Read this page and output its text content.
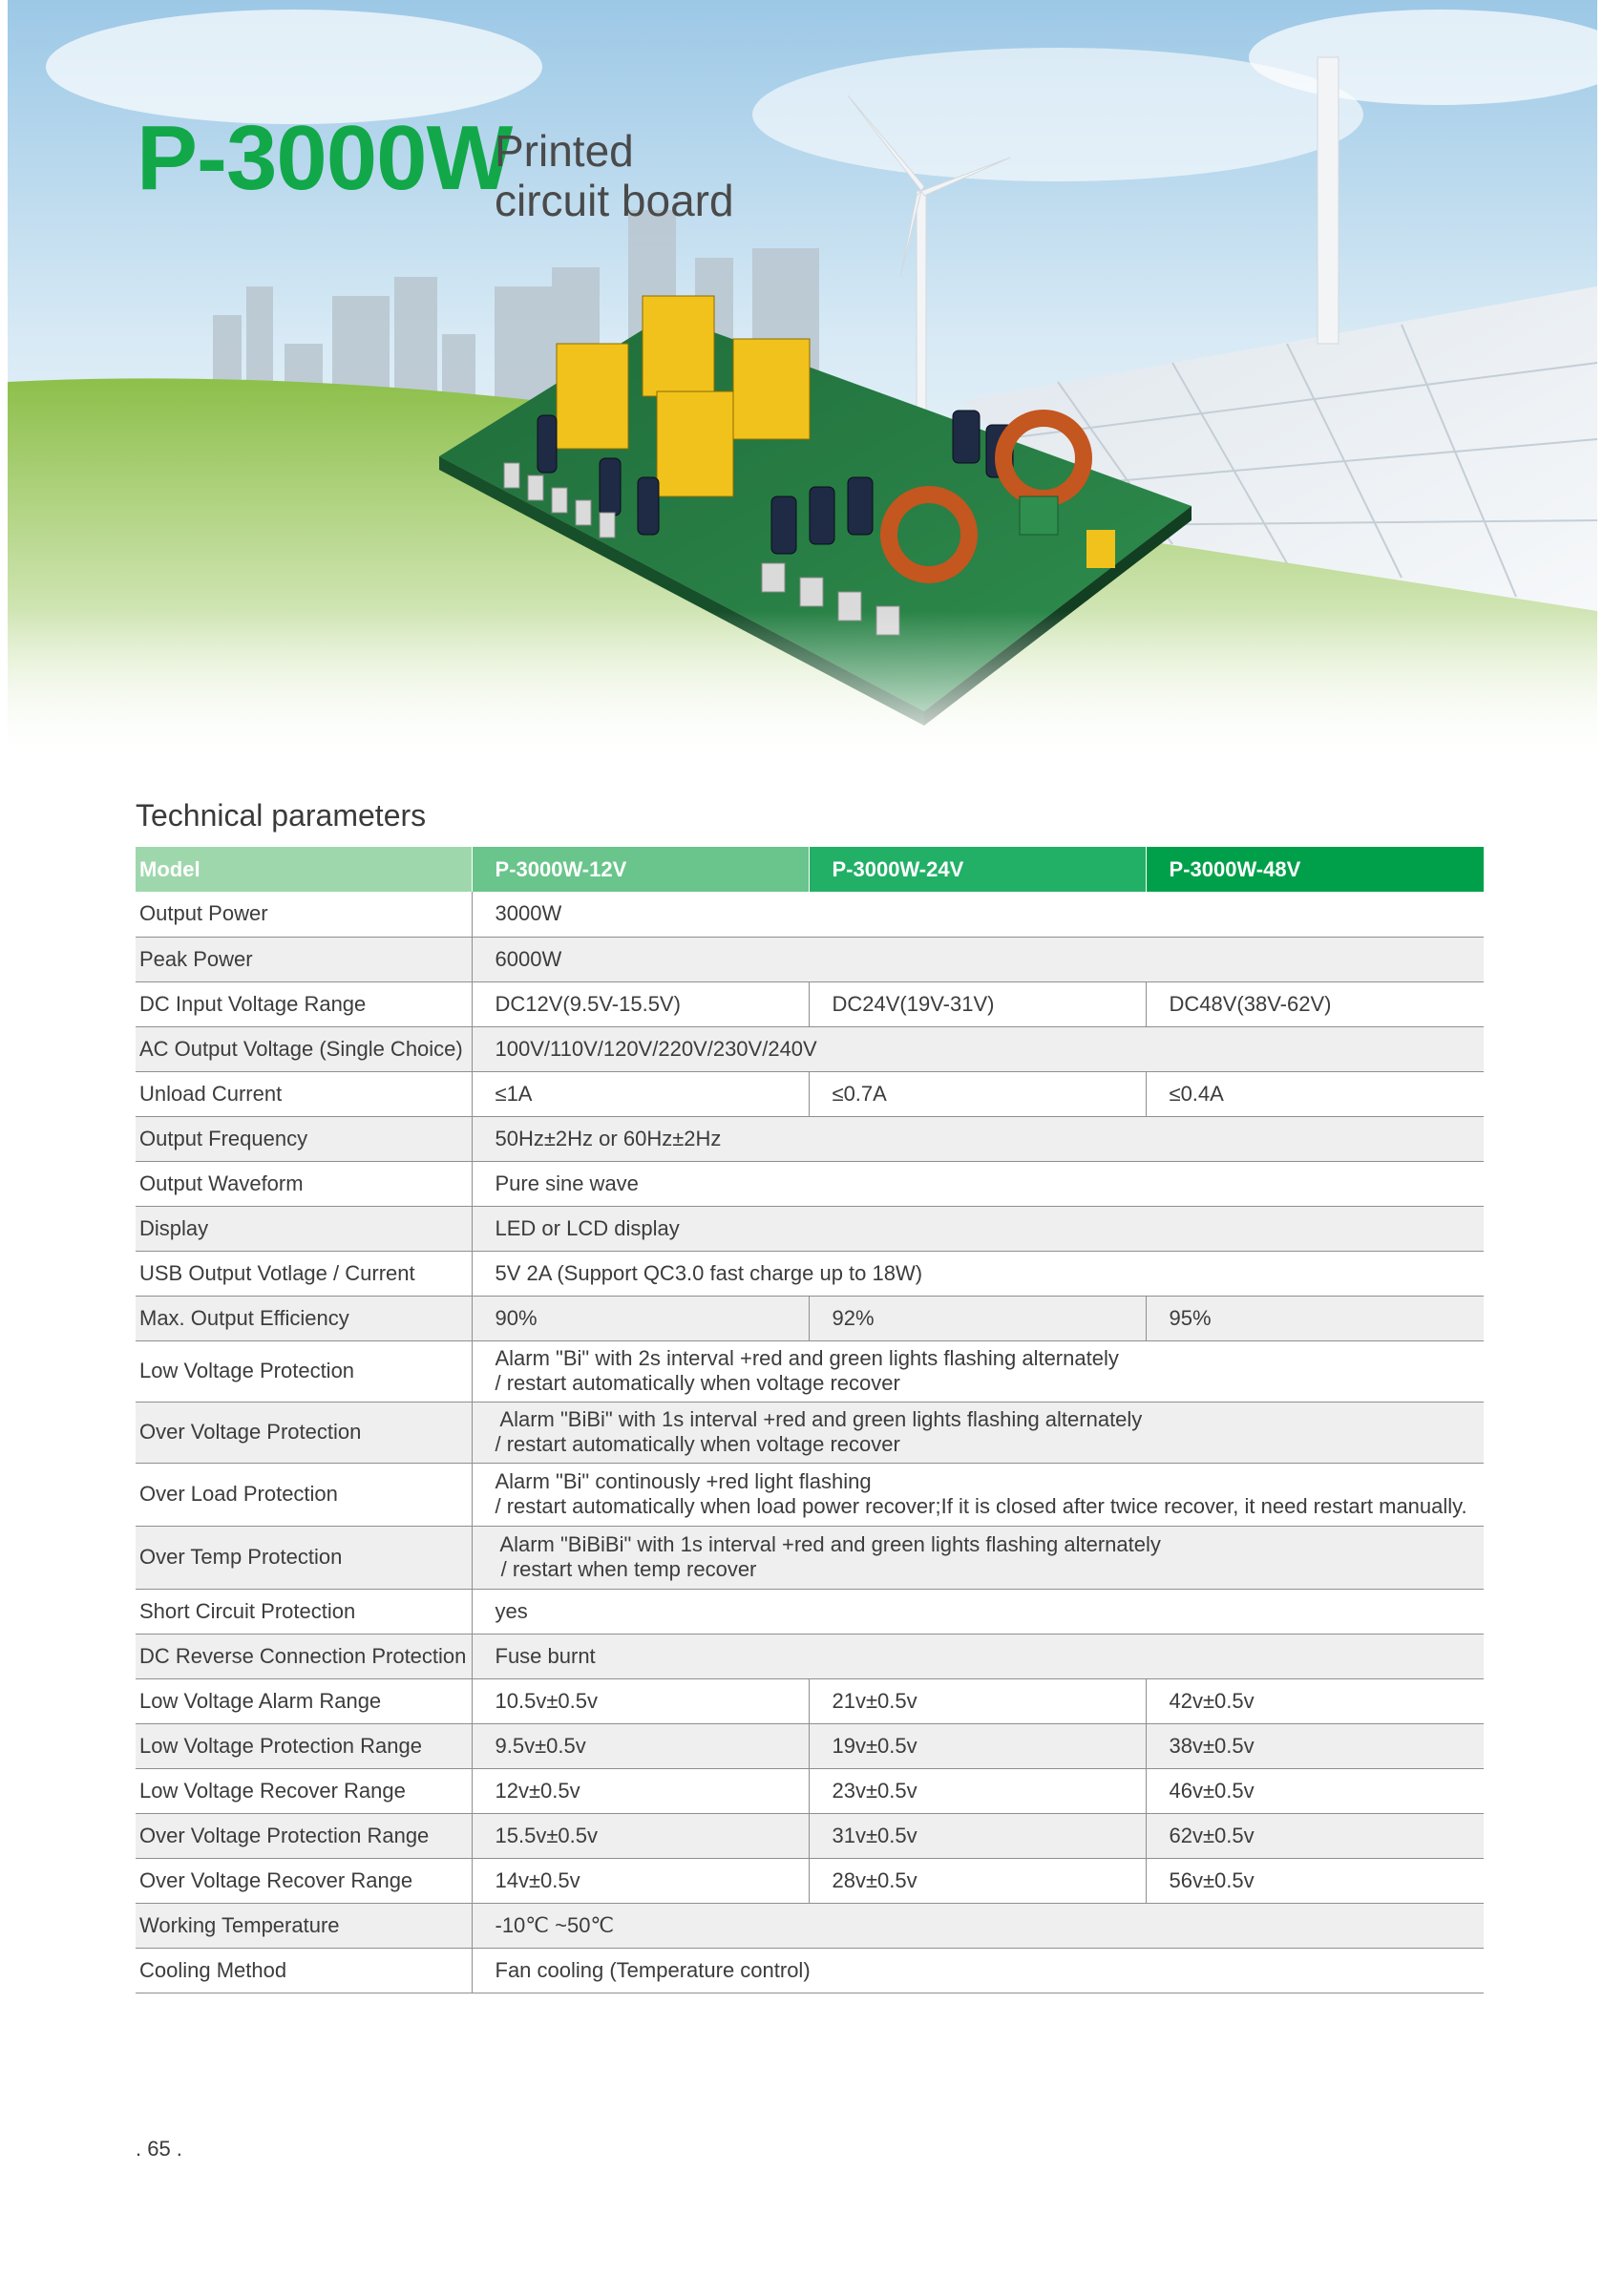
P-3000W
Printed
circuit board
Technical parameters
Model	P-3000W-12V	P-3000W-24V	P-3000W-48V
Output Power	3000W		
Peak Power	6000W		
DC Input Voltage Range	DC12V(9.5V-15.5V)	DC24V(19V-31V)	DC48V(38V-62V)
AC Output Voltage (Single Choice)	100V/110V/120V/220V/230V/240V		
Unload Current	≤1A	≤0.7A	≤0.4A
Output Frequency	50Hz±2Hz or 60Hz±2Hz		
Output Waveform	Pure sine wave		
Display	LED or LCD display		
USB Output Votlage / Current	5V 2A (Support QC3.0 fast charge up to 18W)		
Max. Output Efficiency	90%	92%	95%
Low Voltage Protection	Alarm "Bi" with 2s interval +red and green lights flashing alternately
/ restart automatically when voltage recover		

Over Voltage Protection	Alarm "BiBi" with 1s interval +red and green lights flashing alternately
/ restart automatically when voltage recover		

Over Load Protection	Alarm "Bi" continously +red light flashing
/ restart automatically when load power recover;If it is closed after twice recover, it need restart manually.		

Over Temp Protection	Alarm "BiBiBi" with 1s interval +red and green lights flashing alternately
/ restart when temp recover		

Short Circuit Protection	yes		
DC Reverse Connection Protection	Fuse burnt		
Low Voltage Alarm Range	10.5v±0.5v	21v±0.5v	42v±0.5v
Low Voltage Protection Range	9.5v±0.5v	19v±0.5v	38v±0.5v
Low Voltage Recover Range	12v±0.5v	23v±0.5v	46v±0.5v
Over Voltage Protection Range	15.5v±0.5v	31v±0.5v	62v±0.5v
Over Voltage Recover Range	14v±0.5v	28v±0.5v	56v±0.5v
Working Temperature	-10℃ ~50℃		
Cooling Method	Fan cooling (Temperature control)		
. 65 .
